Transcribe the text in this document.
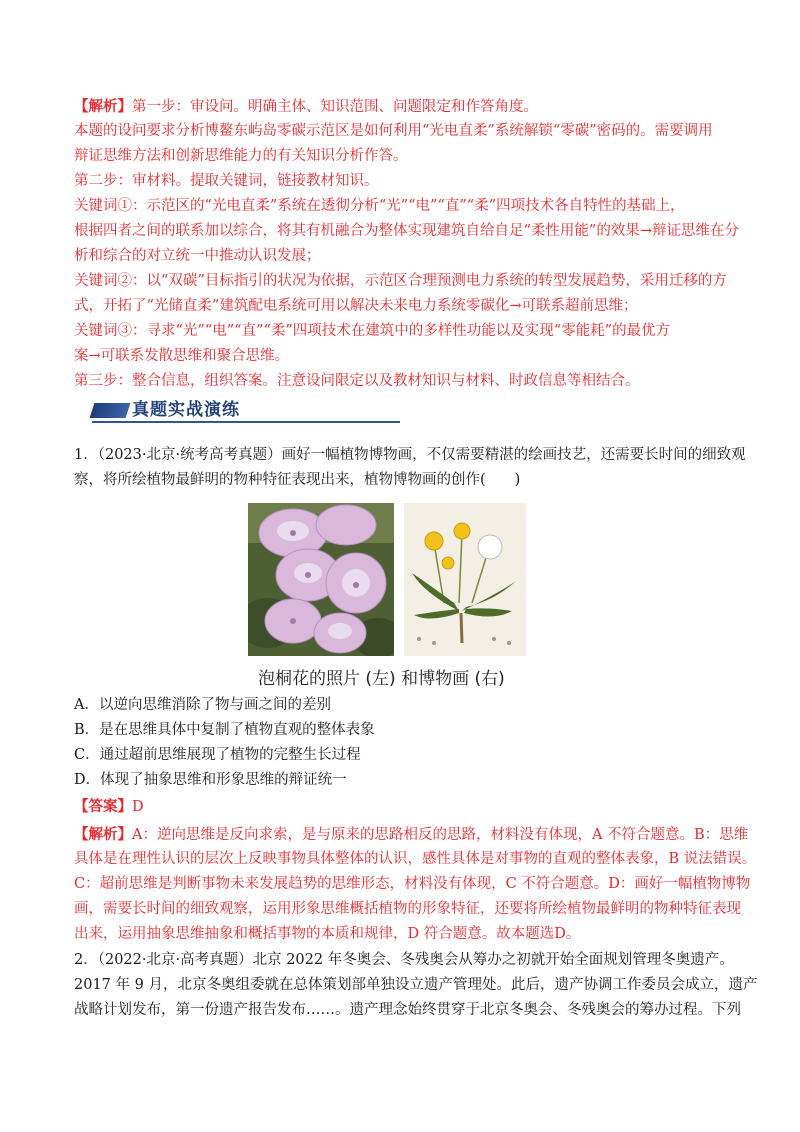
【解析】第一步：审设问。明确主体、知识范围、问题限定和作答角度。
本题的设问要求分析博鳌东屿岛零碳示范区是如何利用“光电直柔”系统解锁“零碳”密码的。需要调用
辩证思维方法和创新思维能力的有关知识分析作答。
第二步：审材料。提取关键词，链接教材知识。
关键词①：示范区的“光电直柔”系统在透彻分析“光”“电”“直”“柔”四项技术各自特性的基础上，
根据四者之间的联系加以综合，将其有机融合为整体实现建筑自给自足“柔性用能”的效果→辩证思维在分
析和综合的对立统一中推动认识发展；
关键词②：以“双碳”目标指引的状况为依据，示范区合理预测电力系统的转型发展趋势，采用迁移的方
式，开拓了“光储直柔”建筑配电系统可用以解决未来电力系统零碳化→可联系超前思维；
关键词③：寻求“光”“电”“直”“柔”四项技术在建筑中的多样性功能以及实现“零能耗”的最优方
案→可联系发散思维和聚合思维。
第三步：整合信息，组织答案。注意设问限定以及教材知识与材料、时政信息等相结合。
真题实战演练
1．（2023·北京·统考高考真题）画好一幅植物博物画，不仅需要精湛的绘画技艺，还需要长时间的细致观
察，将所绘植物最鲜明的物种特征表现出来，植物博物画的创作(　　)
泡桐花的照片 (左) 和博物画 (右)
A．以逆向思维消除了物与画之间的差别
B．是在思维具体中复制了植物直观的整体表象
C．通过超前思维展现了植物的完整生长过程
D．体现了抽象思维和形象思维的辩证统一
【答案】D
【解析】A：逆向思维是反向求索，是与原来的思路相反的思路，材料没有体现，A 不符合题意。B：思维
具体是在理性认识的层次上反映事物具体整体的认识，感性具体是对事物的直观的整体表象，B 说法错误。
C：超前思维是判断事物未来发展趋势的思维形态，材料没有体现，C 不符合题意。D：画好一幅植物博物
画，需要长时间的细致观察，运用形象思维概括植物的形象特征，还要将所绘植物最鲜明的物种特征表现
出来，运用抽象思维抽象和概括事物的本质和规律，D 符合题意。故本题选D。
2．（2022·北京·高考真题）北京 2022 年冬奥会、冬残奥会从筹办之初就开始全面规划管理冬奥遗产。
2017 年 9 月，北京冬奥组委就在总体策划部单独设立遗产管理处。此后，遗产协调工作委员会成立，遗产
战略计划发布，第一份遗产报告发布……。遗产理念始终贯穿于北京冬奥会、冬残奥会的筹办过程。下列
